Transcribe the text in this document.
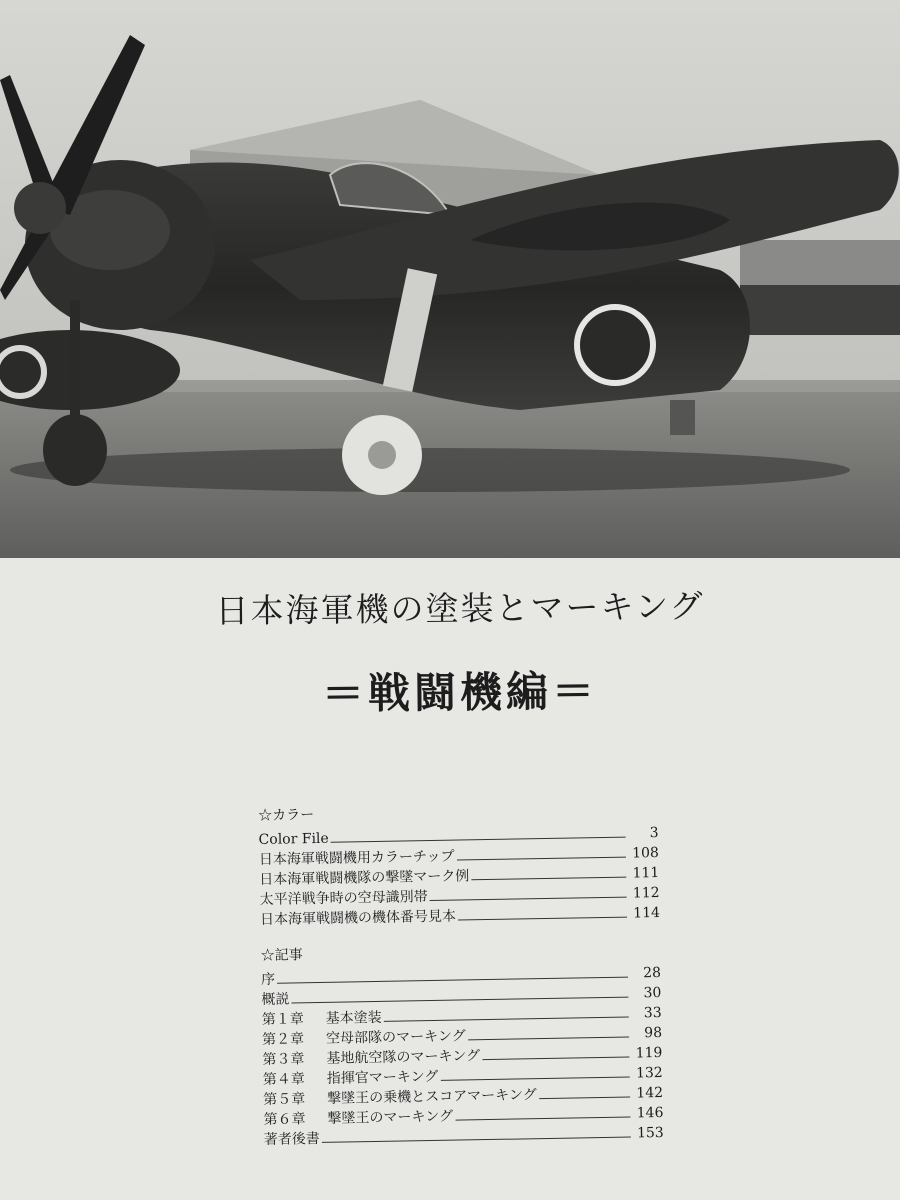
日本海軍機の塗装とマーキング
＝戦闘機編＝
☆カラー
Color File	3
日本海軍戦闘機用カラーチップ	108
日本海軍戦闘機隊の撃墜マーク例	111
太平洋戦争時の空母識別帯	112
日本海軍戦闘機の機体番号見本	114
☆記事
序	28
概説	30
第１章 基本塗装	33
第２章 空母部隊のマーキング	98
第３章 基地航空隊のマーキング	119
第４章 指揮官マーキング	132
第５章 撃墜王の乗機とスコアマーキング	142
第６章 撃墜王のマーキング	146
著者後書	153
